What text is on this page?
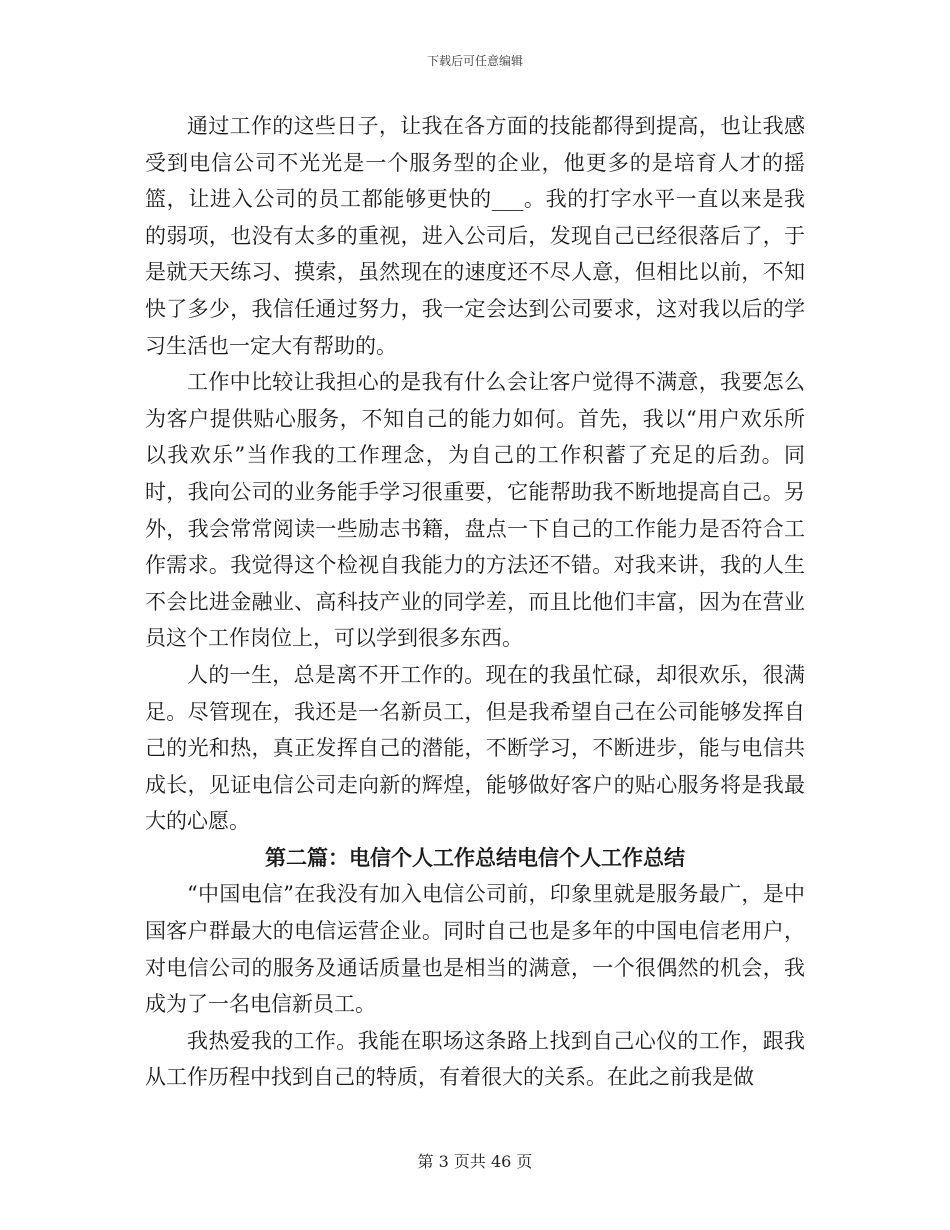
下载后可任意编辑

通过工作的这些日子，让我在各方面的技能都得到提高，也让我感受到电信公司不光光是一个服务型的企业，他更多的是培育人才的摇篮，让进入公司的员工都能够更快的___。我的打字水平一直以来是我的弱项，也没有太多的重视，进入公司后，发现自己已经很落后了，于是就天天练习、摸索，虽然现在的速度还不尽人意，但相比以前，不知快了多少，我信任通过努力，我一定会达到公司要求，这对我以后的学习生活也一定大有帮助的。

工作中比较让我担心的是我有什么会让客户觉得不满意，我要怎么为客户提供贴心服务，不知自己的能力如何。首先，我以“用户欢乐所以我欢乐”当作我的工作理念，为自己的工作积蓄了充足的后劲。同时，我向公司的业务能手学习很重要，它能帮助我不断地提高自己。另外，我会常常阅读一些励志书籍，盘点一下自己的工作能力是否符合工作需求。我觉得这个检视自我能力的方法还不错。对我来讲，我的人生不会比进金融业、高科技产业的同学差，而且比他们丰富，因为在营业员这个工作岗位上，可以学到很多东西。

人的一生，总是离不开工作的。现在的我虽忙碌，却很欢乐，很满足。尽管现在，我还是一名新员工，但是我希望自己在公司能够发挥自己的光和热，真正发挥自己的潜能，不断学习，不断进步，能与电信共成长，见证电信公司走向新的辉煌，能够做好客户的贴心服务将是我最大的心愿。

第二篇：电信个人工作总结电信个人工作总结

“中国电信”在我没有加入电信公司前，印象里就是服务最广，是中国客户群最大的电信运营企业。同时自己也是多年的中国电信老用户，对电信公司的服务及通话质量也是相当的满意，一个很偶然的机会，我成为了一名电信新员工。

我热爱我的工作。我能在职场这条路上找到自己心仪的工作，跟我从工作历程中找到自己的特质，有着很大的关系。在此之前我是做

第 3 页共 46 页
